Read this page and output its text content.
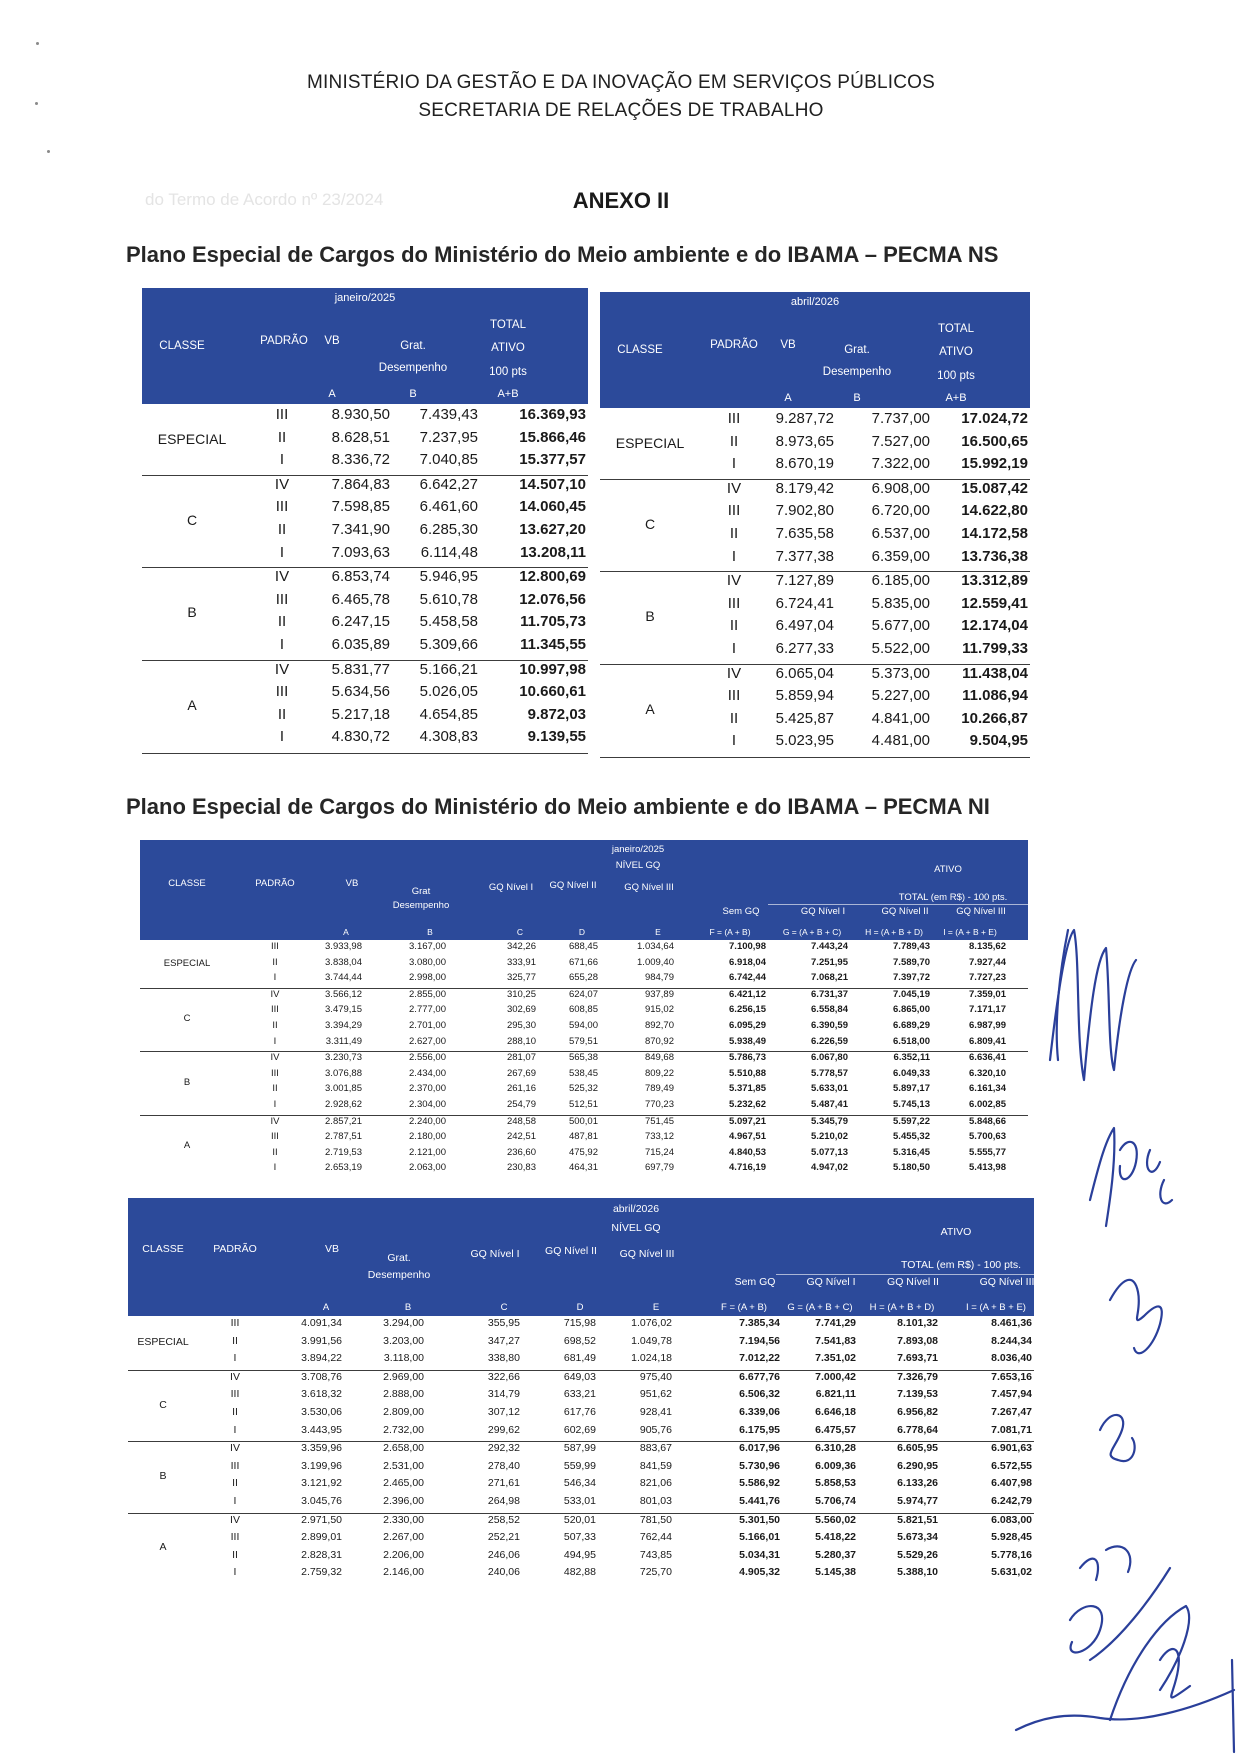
MINISTÉRIO DA GESTÃO E DA INOVAÇÃO EM SERVIÇOS PÚBLICOS
SECRETARIA DE RELAÇÕES DE TRABALHO
do Termo de Acordo nº 23/2024	ANEXO II
Plano Especial de Cargos do Ministério do Meio ambiente e do IBAMA – PECMA NS
janeiro/2025
CLASSE	PADRÃO	VB	Grat.
Desempenho
TOTAL
ATIVO
100 pts
A	B	A+B
III	8.930,50	7.439,43	16.369,93
II	8.628,51	7.237,95	15.866,46
I	8.336,72	7.040,85	15.377,57
ESPECIAL
IV	7.864,83	6.642,27	14.507,10
III	7.598,85	6.461,60	14.060,45
II	7.341,90	6.285,30	13.627,20
I	7.093,63	6.114,48	13.208,11
C
IV	6.853,74	5.946,95	12.800,69
III	6.465,78	5.610,78	12.076,56
II	6.247,15	5.458,58	11.705,73
I	6.035,89	5.309,66	11.345,55
B
IV	5.831,77	5.166,21	10.997,98
III	5.634,56	5.026,05	10.660,61
II	5.217,18	4.654,85	9.872,03
I	4.830,72	4.308,83	9.139,55
A
abril/2026
CLASSE	PADRÃO	VB	Grat.
Desempenho
TOTAL
ATIVO
100 pts
A	B	A+B
III	9.287,72	7.737,00	17.024,72
II	8.973,65	7.527,00	16.500,65
I	8.670,19	7.322,00	15.992,19
ESPECIAL
IV	8.179,42	6.908,00	15.087,42
III	7.902,80	6.720,00	14.622,80
II	7.635,58	6.537,00	14.172,58
I	7.377,38	6.359,00	13.736,38
C
IV	7.127,89	6.185,00	13.312,89
III	6.724,41	5.835,00	12.559,41
II	6.497,04	5.677,00	12.174,04
I	6.277,33	5.522,00	11.799,33
B
IV	6.065,04	5.373,00	11.438,04
III	5.859,94	5.227,00	11.086,94
II	5.425,87	4.841,00	10.266,87
I	5.023,95	4.481,00	9.504,95
A
Plano Especial de Cargos do Ministério do Meio ambiente e do IBAMA – PECMA NI
janeiro/2025
NÍVEL GQ	ATIVO
TOTAL (em R$) - 100 pts.
CLASSE	PADRÃO	VB
Grat
Desempenho
GQ Nível I	GQ Nível II	GQ Nível III
Sem GQ	GQ Nível I	GQ Nível II	GQ Nível III
A	B	C	D	E	F = (A + B)	G = (A + B + C)	H = (A + B + D)	I = (A + B + E)
III	3.933,98	3.167,00	342,26	688,45	1.034,64	7.100,98	7.443,24	7.789,43	8.135,62
II	3.838,04	3.080,00	333,91	671,66	1.009,40	6.918,04	7.251,95	7.589,70	7.927,44
I	3.744,44	2.998,00	325,77	655,28	984,79	6.742,44	7.068,21	7.397,72	7.727,23
ESPECIAL
IV	3.566,12	2.855,00	310,25	624,07	937,89	6.421,12	6.731,37	7.045,19	7.359,01
III	3.479,15	2.777,00	302,69	608,85	915,02	6.256,15	6.558,84	6.865,00	7.171,17
II	3.394,29	2.701,00	295,30	594,00	892,70	6.095,29	6.390,59	6.689,29	6.987,99
I	3.311,49	2.627,00	288,10	579,51	870,92	5.938,49	6.226,59	6.518,00	6.809,41
C
IV	3.230,73	2.556,00	281,07	565,38	849,68	5.786,73	6.067,80	6.352,11	6.636,41
III	3.076,88	2.434,00	267,69	538,45	809,22	5.510,88	5.778,57	6.049,33	6.320,10
II	3.001,85	2.370,00	261,16	525,32	789,49	5.371,85	5.633,01	5.897,17	6.161,34
I	2.928,62	2.304,00	254,79	512,51	770,23	5.232,62	5.487,41	5.745,13	6.002,85
B
IV	2.857,21	2.240,00	248,58	500,01	751,45	5.097,21	5.345,79	5.597,22	5.848,66
III	2.787,51	2.180,00	242,51	487,81	733,12	4.967,51	5.210,02	5.455,32	5.700,63
II	2.719,53	2.121,00	236,60	475,92	715,24	4.840,53	5.077,13	5.316,45	5.555,77
I	2.653,19	2.063,00	230,83	464,31	697,79	4.716,19	4.947,02	5.180,50	5.413,98
A
abril/2026
NÍVEL GQ	ATIVO
TOTAL (em R$) - 100 pts.
CLASSE	PADRÃO	VB
Grat.
Desempenho
GQ Nível I	GQ Nível II	GQ Nível III
Sem GQ	GQ Nível I	GQ Nível II	GQ Nível III
A	B	C	D	E	F = (A + B)	G = (A + B + C)	H = (A + B + D)	I = (A + B + E)
III	4.091,34	3.294,00	355,95	715,98	1.076,02	7.385,34	7.741,29	8.101,32	8.461,36
II	3.991,56	3.203,00	347,27	698,52	1.049,78	7.194,56	7.541,83	7.893,08	8.244,34
I	3.894,22	3.118,00	338,80	681,49	1.024,18	7.012,22	7.351,02	7.693,71	8.036,40
ESPECIAL
IV	3.708,76	2.969,00	322,66	649,03	975,40	6.677,76	7.000,42	7.326,79	7.653,16
III	3.618,32	2.888,00	314,79	633,21	951,62	6.506,32	6.821,11	7.139,53	7.457,94
II	3.530,06	2.809,00	307,12	617,76	928,41	6.339,06	6.646,18	6.956,82	7.267,47
I	3.443,95	2.732,00	299,62	602,69	905,76	6.175,95	6.475,57	6.778,64	7.081,71
C
IV	3.359,96	2.658,00	292,32	587,99	883,67	6.017,96	6.310,28	6.605,95	6.901,63
III	3.199,96	2.531,00	278,40	559,99	841,59	5.730,96	6.009,36	6.290,95	6.572,55
II	3.121,92	2.465,00	271,61	546,34	821,06	5.586,92	5.858,53	6.133,26	6.407,98
I	3.045,76	2.396,00	264,98	533,01	801,03	5.441,76	5.706,74	5.974,77	6.242,79
B
IV	2.971,50	2.330,00	258,52	520,01	781,50	5.301,50	5.560,02	5.821,51	6.083,00
III	2.899,01	2.267,00	252,21	507,33	762,44	5.166,01	5.418,22	5.673,34	5.928,45
II	2.828,31	2.206,00	246,06	494,95	743,85	5.034,31	5.280,37	5.529,26	5.778,16
I	2.759,32	2.146,00	240,06	482,88	725,70	4.905,32	5.145,38	5.388,10	5.631,02
A
